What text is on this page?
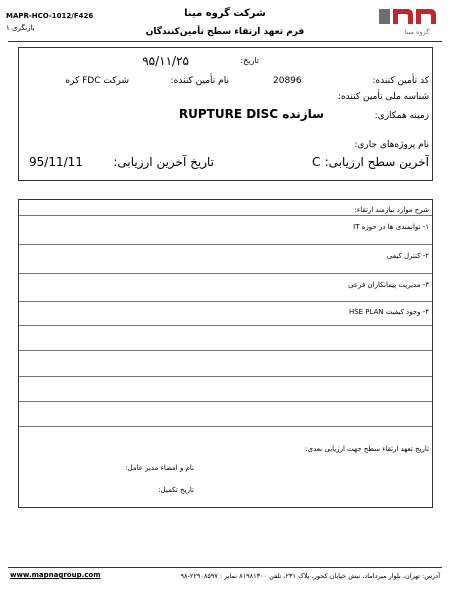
MAPR-HCO-1012/F426
بازنگری ۱
شرکت گروه مینا
فرم تعهد ارتقاء سطح تأمین‌کنندگان	گروه مینا
تاریخ:
۹۵/۱۱/۲۵
کد تأمین کننده:
20896
نام تأمین کننده:
شرکت FDC کره
شناسه ملی تأمین کننده:
زمینه همکاری:
سازنده RUPTURE DISC
نام پروژه‌های جاری:
آخرین سطح ارزیابی:
C
تاریخ آخرین ارزیابی:
95/11/11
شرح موارد نیازمند ارتقاء:
۱- توانمندی ها در حوزه IT
۲- کنترل کیفی
۳- مدیریت پیمانکاران فرعی
۴- وجود کیفیت HSE PLAN
تاریخ تعهد ارتقاء سطح جهت ارزیابی بعدی:
نام و امضاء مدیر عامل:
تاریخ تکمیل:
www.mapnagroup.com	آدرس: تهران، بلوار میرداماد، نبش خیابان کحور، پلاک ۲۳۱، تلفن ۸۱۹۸۱۳۰۰ نمابر : ۲۲۹۰۸۵۹۷-۹۸
